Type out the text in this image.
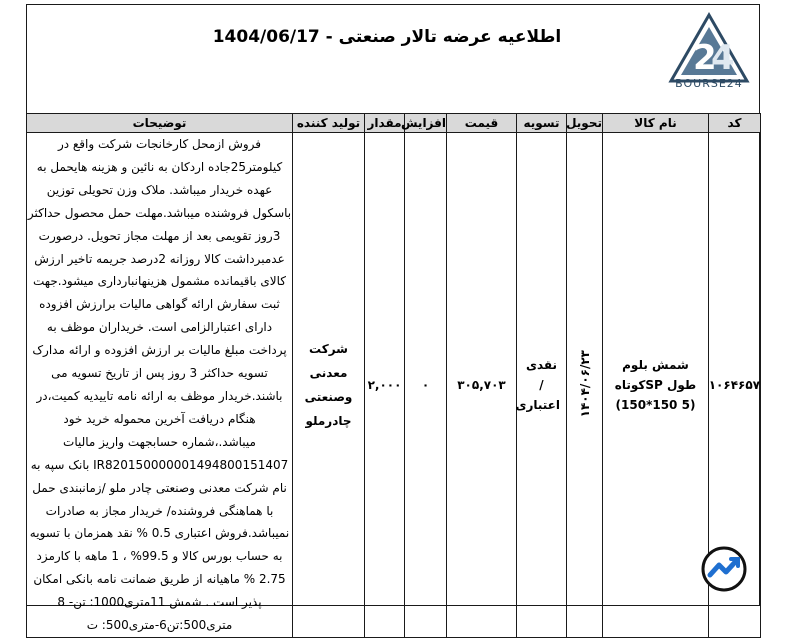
اطلاعیه عرضه تالار صنعتی - 1404/06/17
2
4
BOURSE24
کد	نام کالا	تحویل	تسویه	قیمت	افزایش	مقدار	تولید کننده	توضیحات
۱۰۶۴۶۵۷	شمش بلوم طول SPکوتاه (5 150*150)	۱۴۰۴/۰۶/۲۳	نقدی / اعتباری	۳۰۵,۷۰۳	۰	۲,۰۰۰	شرکت معدنی وصنعتی چادرملو	فروش ازمحل کارخانجات شرکت واقع در کیلومتر25جاده اردکان به نائین و هزینه هایحمل به عهده خریدار میباشد. ملاک وزن تحویلی توزین باسکول فروشنده میباشد.مهلت حمل محصول حداکثر 3روز تقویمی بعد از مهلت مجاز تحویل. درصورت عدمبرداشت کالا روزانه 2درصد جریمه تاخیر ارزش کالای باقیمانده مشمول هزینهانبارداری میشود.جهت ثبت سفارش ارائه گواهی مالیات برارزش افزوده دارای اعتبارالزامی است. خریداران موظف به پرداخت مبلغ مالیات بر ارزش افزوده و ارائه مدارک تسویه حداکثر 3 روز پس از تاریخ تسویه می باشند.خریدار موظف به ارائه نامه تاییدیه کمیت،در هنگام دریافت آخرین محموله خرید خود میباشد.،شماره حسابجهت واریز مالیات IR820150000001494800151407 بانک سپه به نام شرکت معدنی وصنعتی چادر ملو /زمانبندی حمل با هماهنگی فروشنده/ خریدار مجاز به صادرات نمیباشد.فروش اعتباری 0.5 % نقد همزمان با تسویه به حساب بورس کالا و 99.5% ، 1 ماهه با کارمزد 2.75 % ماهیانه از طریق ضمانت نامه بانکی امکان پذیر است . شمش 11متری1000: تن- 8 متری500:تن6-متری500: ت
